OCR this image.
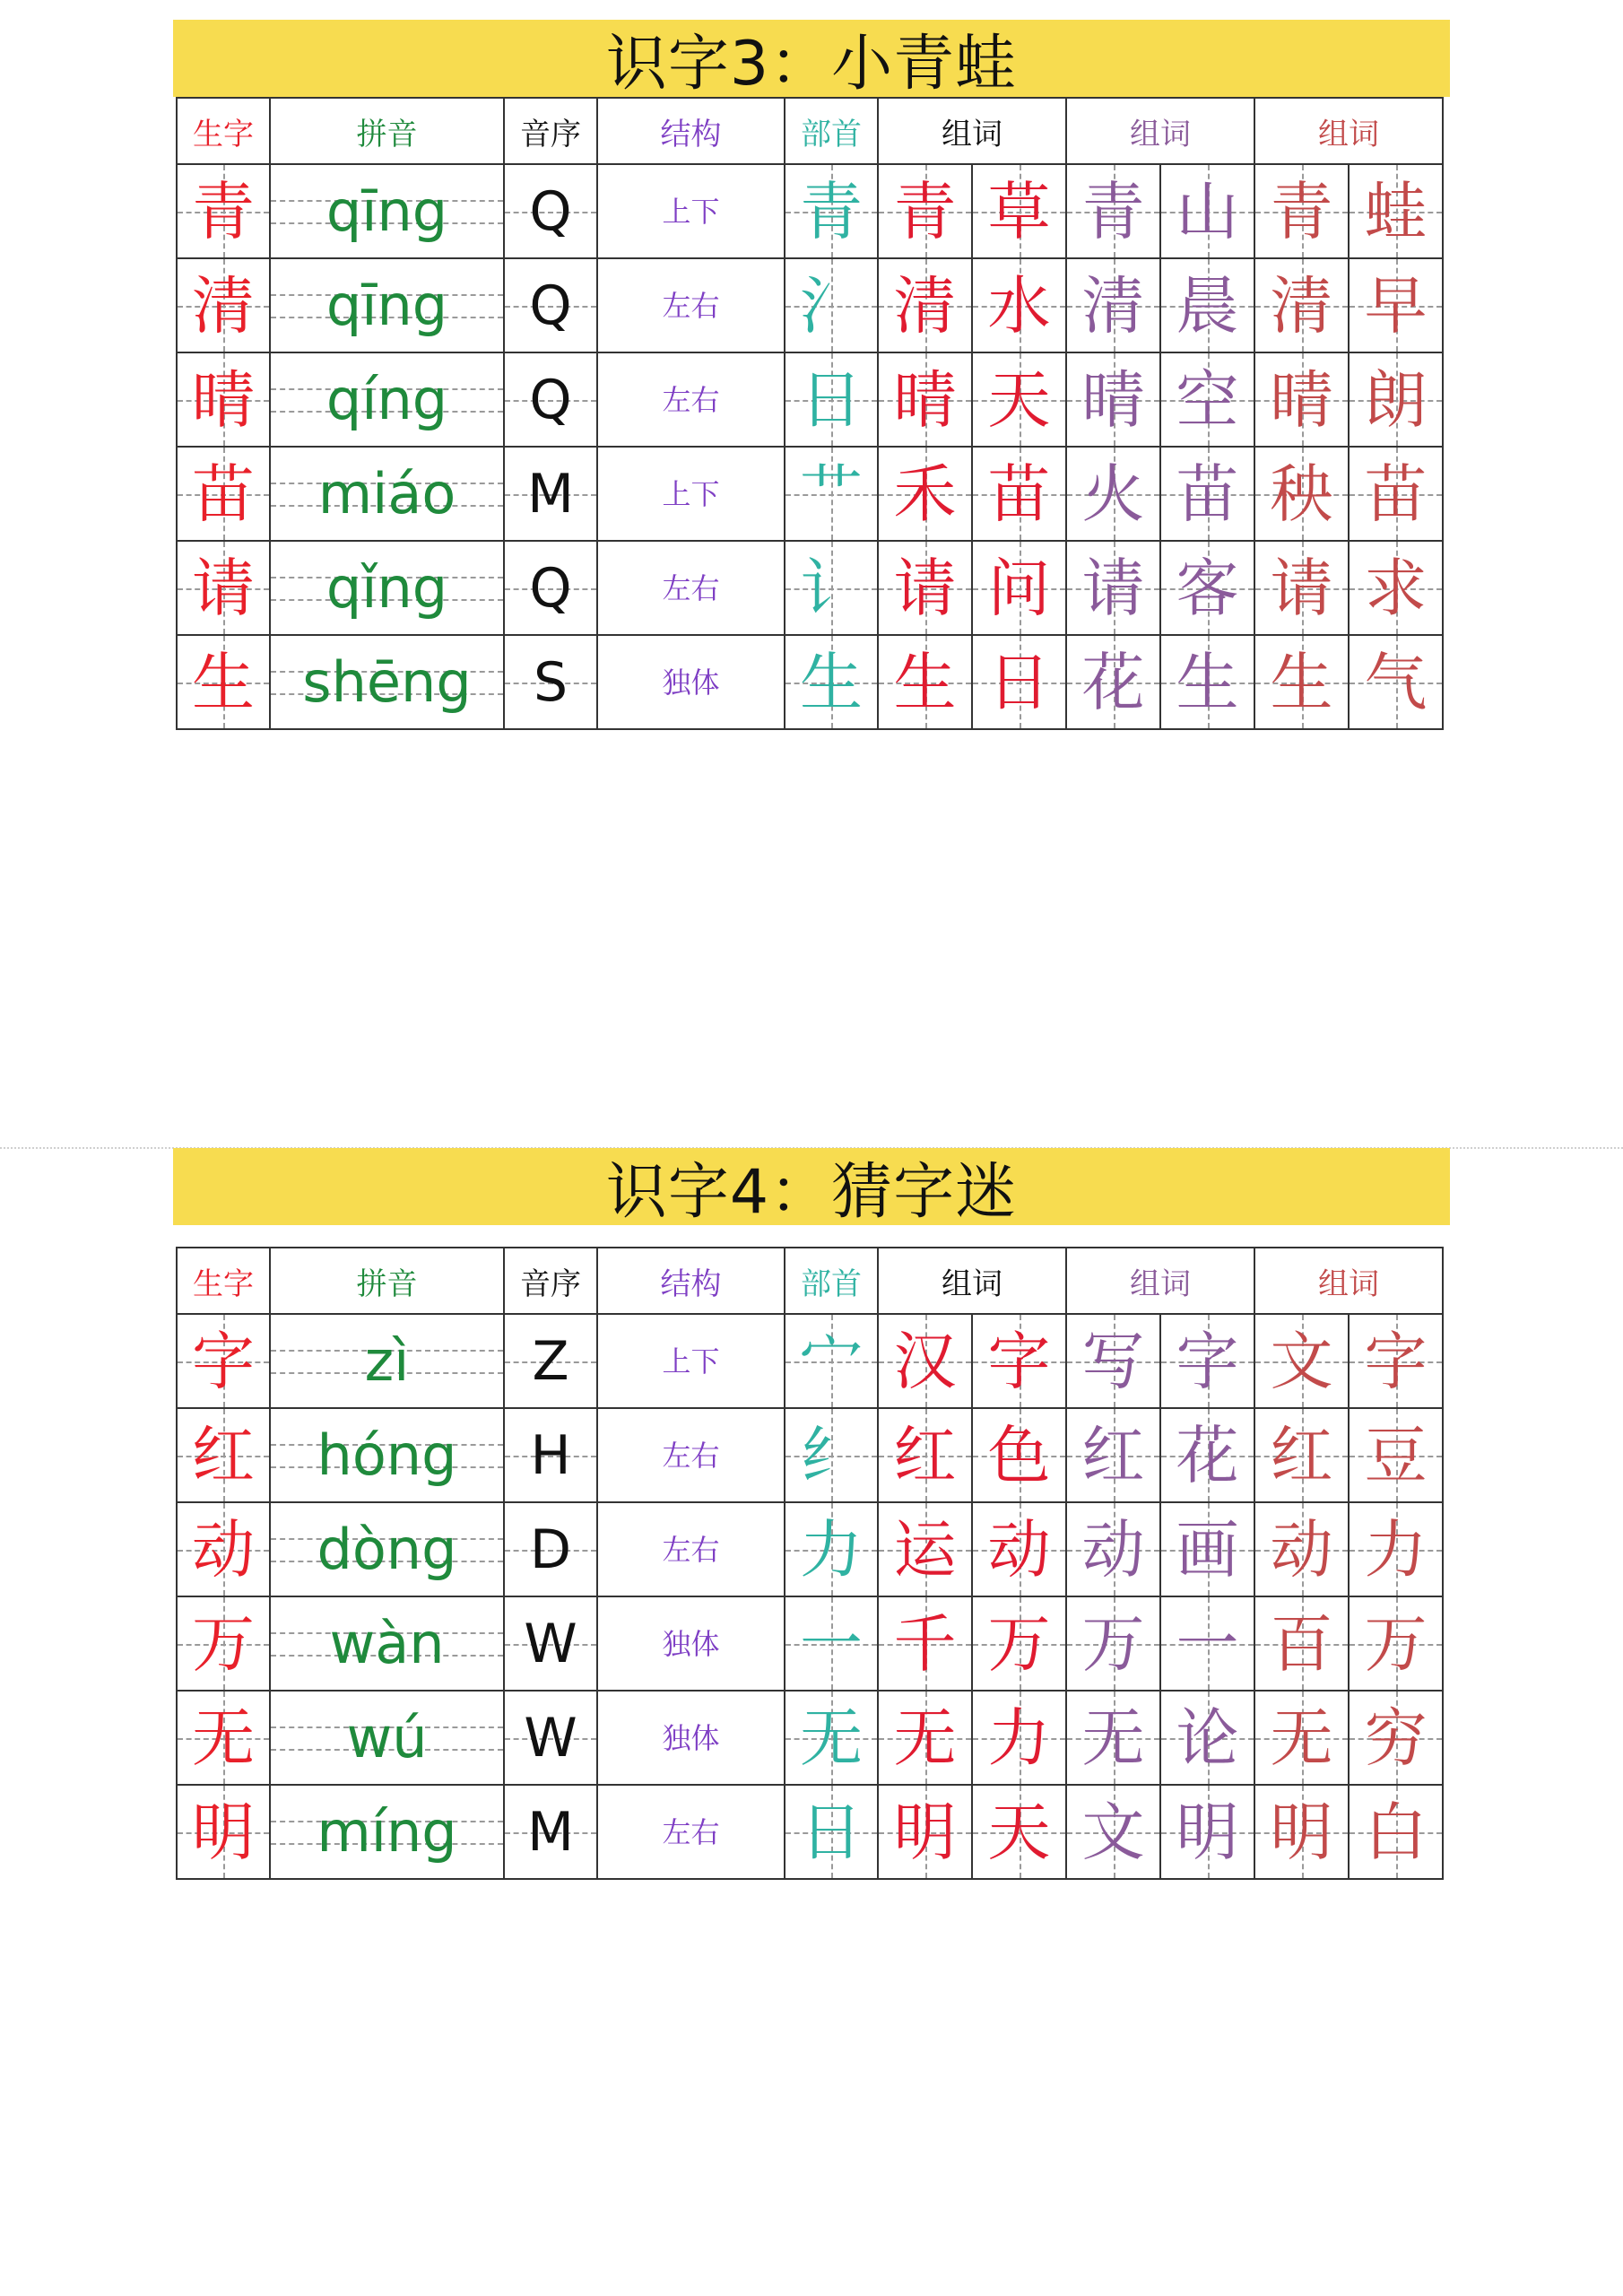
识字3：小青蛙
生字	拼音	音序	结构	部首	组词		组词		组词	
青	qīng	Q	上下	青	青	草	青	山	青	蛙
清	qīng	Q	左右	氵	清	水	清	晨	清	早
晴	qíng	Q	左右	日	晴	天	晴	空	晴	朗
苗	miáo	M	上下	艹	禾	苗	火	苗	秧	苗
请	qǐng	Q	左右	讠	请	问	请	客	请	求
生	shēng	S	独体	生	生	日	花	生	生	气
识字4：猜字迷
生字	拼音	音序	结构	部首	组词		组词		组词	
字	zì	Z	上下	宀	汉	字	写	字	文	字
红	hóng	H	左右	纟	红	色	红	花	红	豆
动	dòng	D	左右	力	运	动	动	画	动	力
万	wàn	W	独体	一	千	万	万	一	百	万
无	wú	W	独体	无	无	力	无	论	无	穷
明	míng	M	左右	日	明	天	文	明	明	白
